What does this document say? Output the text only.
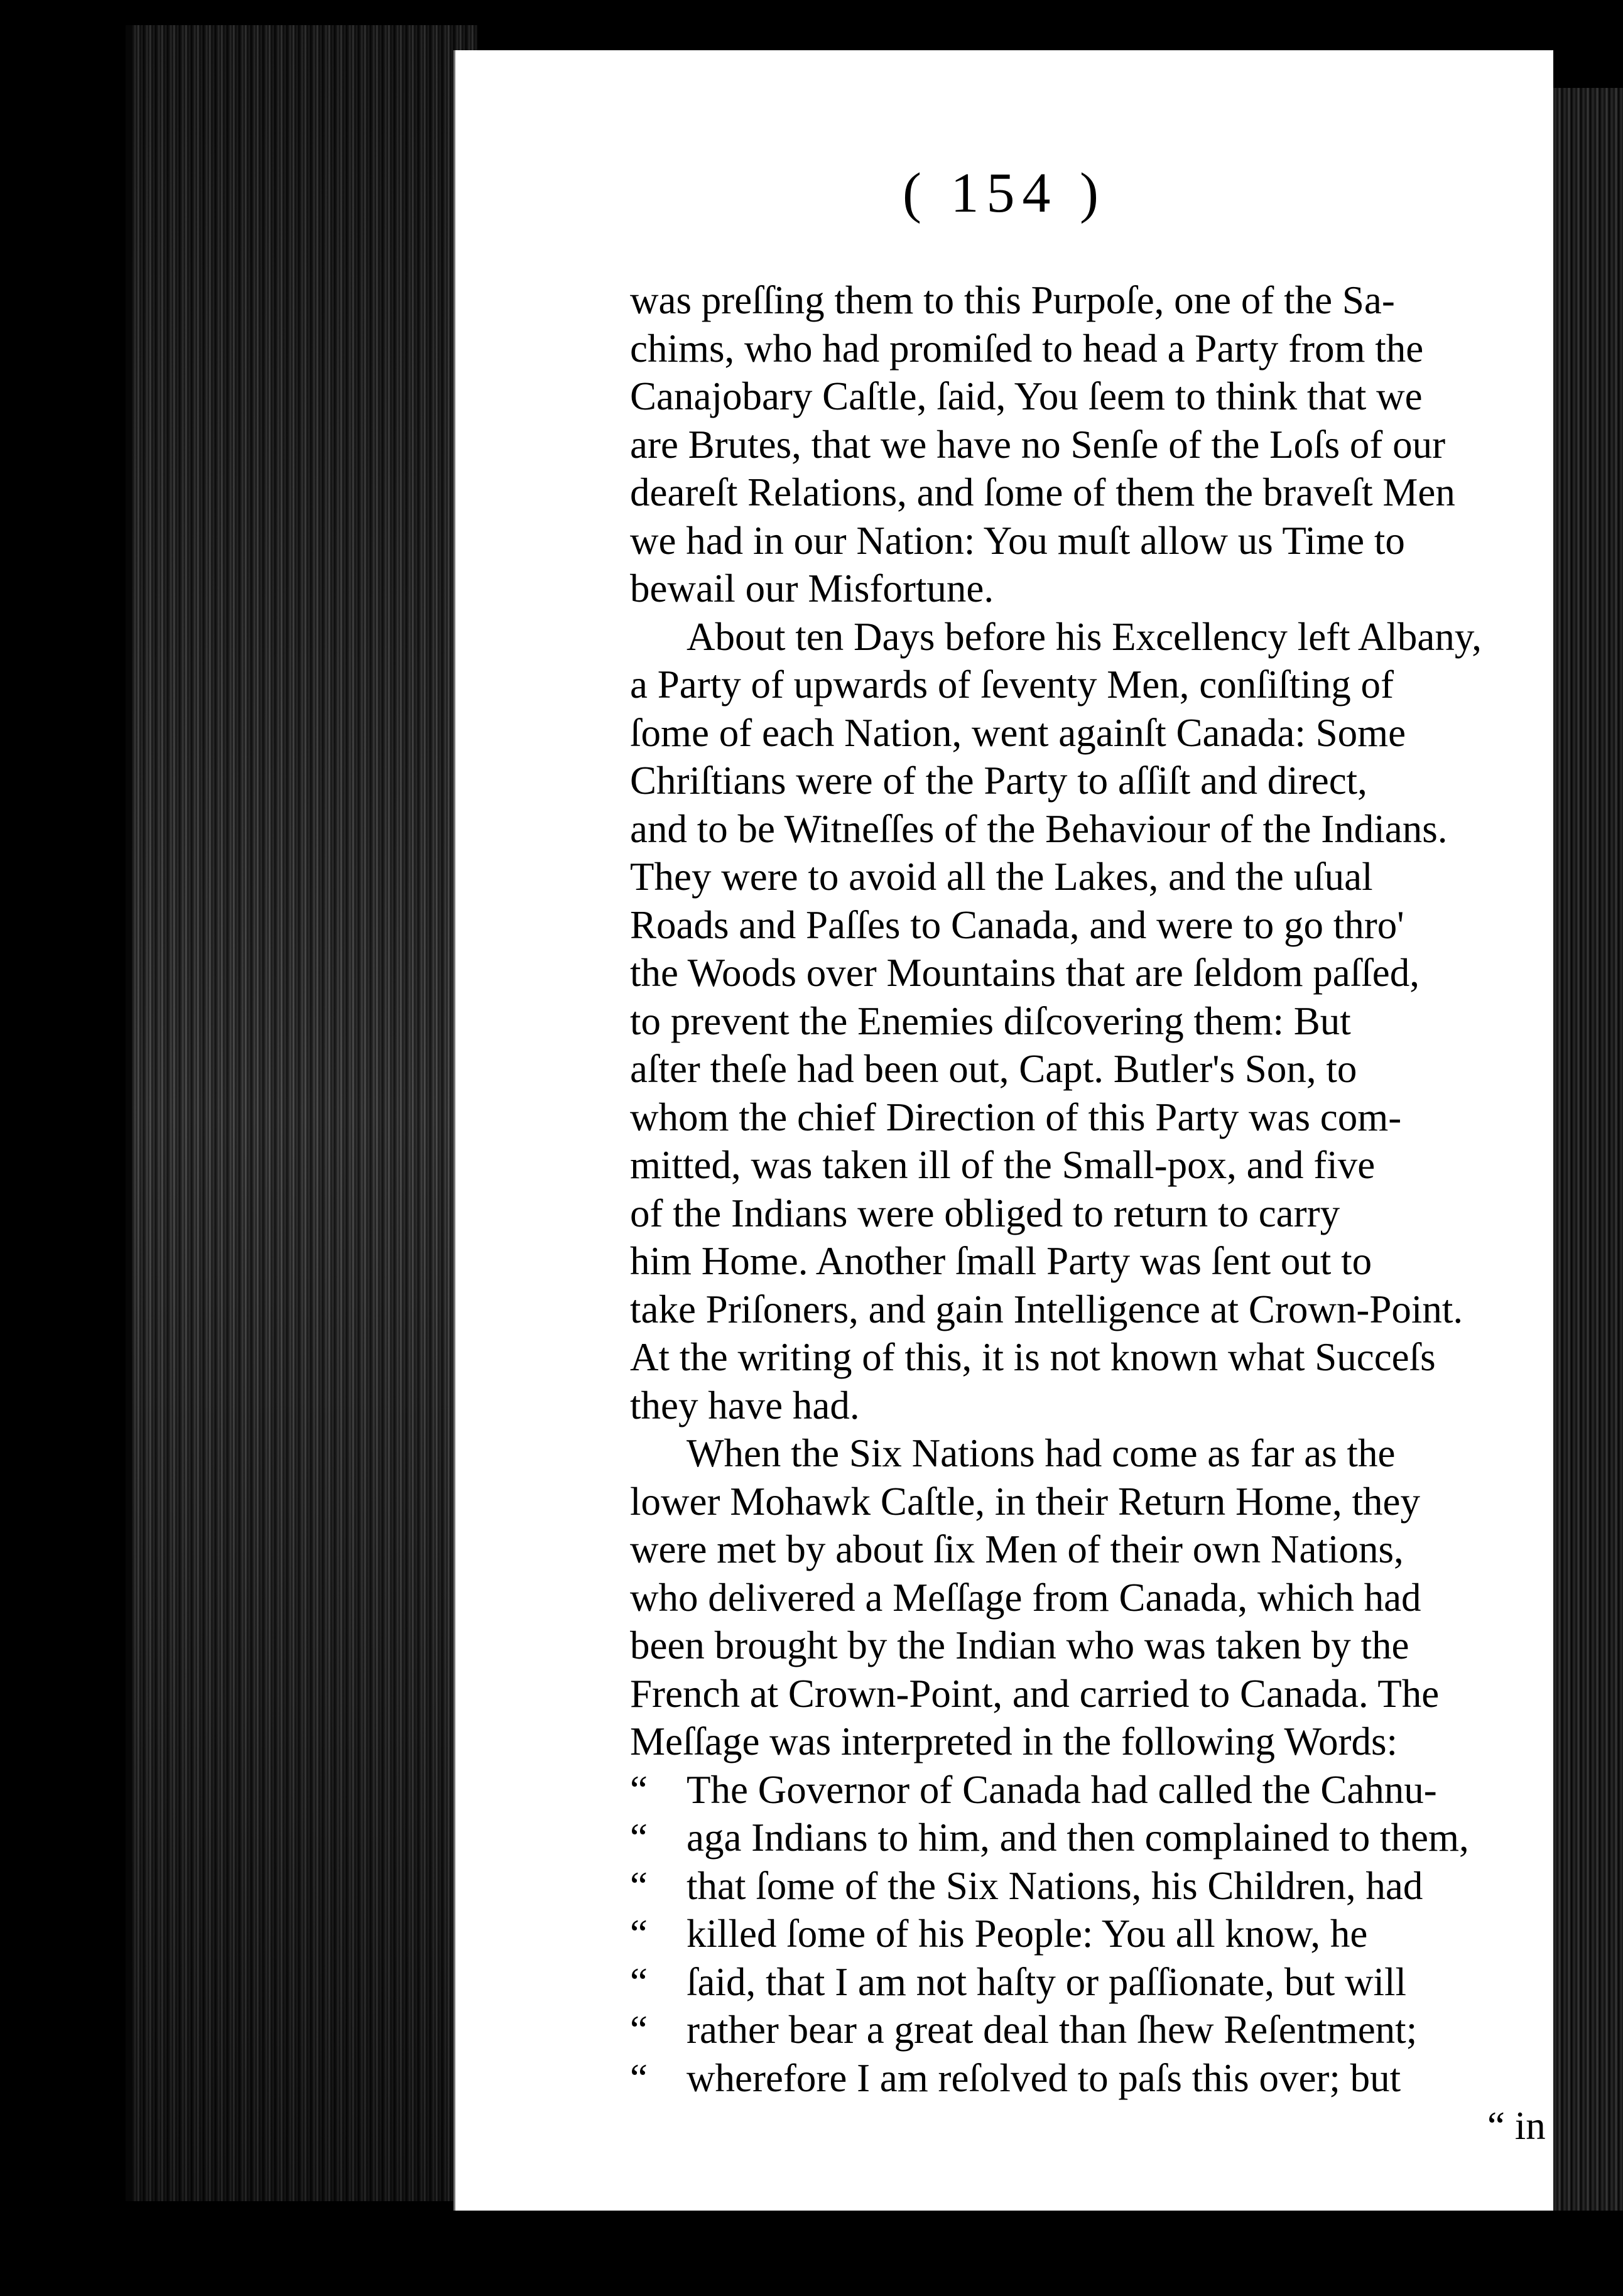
( 154 )
was preſſing them to this Purpoſe, one of the Sa-
chims, who had promiſed to head a Party from the
Canajobary Caſtle, ſaid, You ſeem to think that we
are Brutes, that we have no Senſe of the Loſs of our
deareſt Relations, and ſome of them the braveſt Men
we had in our Nation: You muſt allow us Time to
bewail our Misfortune.
About ten Days before his Excellency left Albany,
a Party of upwards of ſeventy Men, conſiſting of
ſome of each Nation, went againſt Canada: Some
Chriſtians were of the Party to aſſiſt and direct,
and to be Witneſſes of the Behaviour of the Indians.
They were to avoid all the Lakes, and the uſual
Roads and Paſſes to Canada, and were to go thro'
the Woods over Mountains that are ſeldom paſſed,
to prevent the Enemies diſcovering them: But
aſter theſe had been out, Capt. Butler's Son, to
whom the chief Direction of this Party was com-
mitted, was taken ill of the Small-pox, and five
of the Indians were obliged to return to carry
him Home. Another ſmall Party was ſent out to
take Priſoners, and gain Intelligence at Crown-Point.
At the writing of this, it is not known what Succeſs
they have had.
When the Six Nations had come as far as the
lower Mohawk Caſtle, in their Return Home, they
were met by about ſix Men of their own Nations,
who delivered a Meſſage from Canada, which had
been brought by the Indian who was taken by the
French at Crown-Point, and carried to Canada. The
Meſſage was interpreted in the following Words:
“ The Governor of Canada had called the Cahnu-
“ aga Indians to him, and then complained to them,
“ that ſome of the Six Nations, his Children, had
“ killed ſome of his People: You all know, he
“ ſaid, that I am not haſty or paſſionate, but will
“ rather bear a great deal than ſhew Reſentment;
“ wherefore I am reſolved to paſs this over; but
“ in
